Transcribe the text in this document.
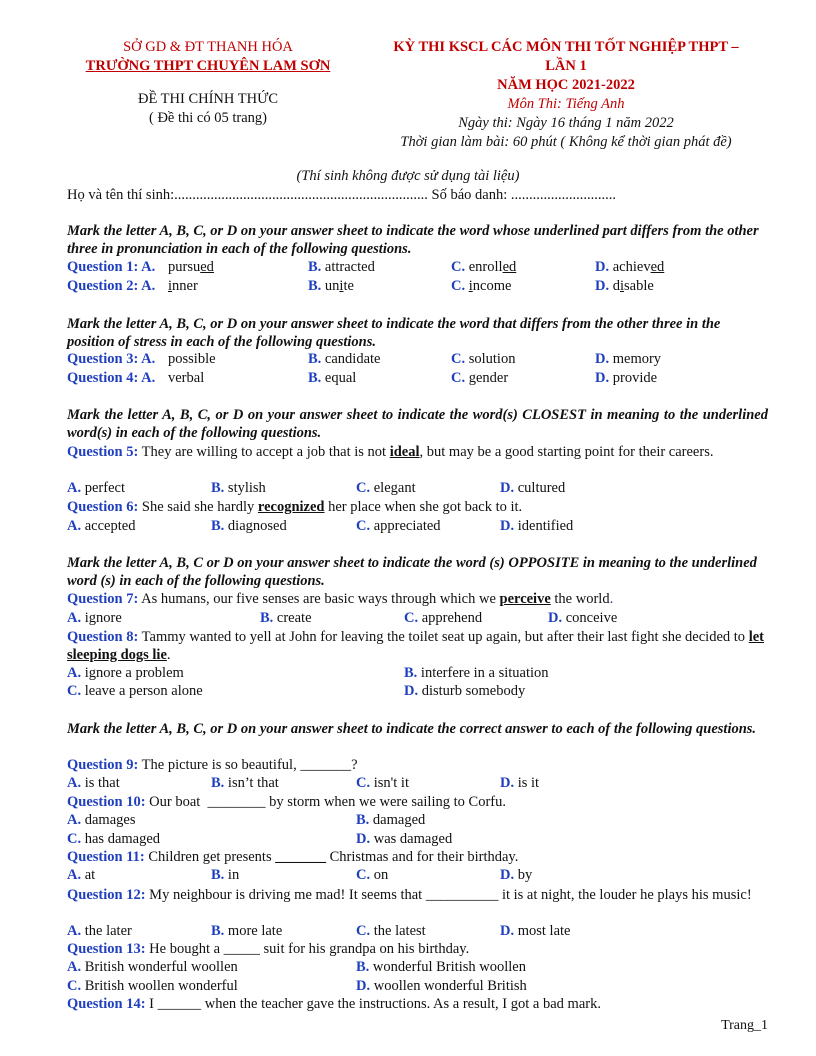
SỞ GD & ĐT THANH HÓA
TRƯỜNG THPT CHUYÊN LAM SƠN
ĐỀ THI CHÍNH THỨC
( Đề thi có 05 trang)
KỲ THI KSCL CÁC MÔN THI TỐT NGHIỆP THPT –
LẦN 1
NĂM HỌC 2021-2022
Môn Thi: Tiếng Anh
Ngày thi: Ngày 16 tháng 1 năm 2022
Thời gian làm bài: 60 phút ( Không kể thời gian phát đề)
(Thí sinh không được sử dụng tài liệu)
Họ và tên thí sinh:...................................................................... Số báo danh: .............................
Mark the letter A, B, C, or D on your answer sheet to indicate the word whose underlined part differs from the other three in pronunciation in each of the following questions.
Question 1: A. pursued	B. attracted	C. enrolled	D. achieved
Question 2: A. inner	B. unite	C. income	D. disable
Mark the letter A, B, C, or D on your answer sheet to indicate the word that differs from the other three in the position of stress in each of the following questions.
Question 3: A. possible	B. candidate	C. solution	D. memory
Question 4: A. verbal	B. equal	C. gender	D. provide
Mark the letter A, B, C, or D on your answer sheet to indicate the word(s) CLOSEST in meaning to the underlined word(s) in each of the following questions.
Question 5: They are willing to accept a job that is not ideal, but may be a good starting point for their careers.
A. perfect	B. stylish	C. elegant	D. cultured
Question 6: She said she hardly recognized her place when she got back to it.
A. accepted	B. diagnosed	C. appreciated	D. identified
Mark the letter A, B, C or D on your answer sheet to indicate the word (s) OPPOSITE in meaning to the underlined word (s) in each of the following questions.
Question 7: As humans, our five senses are basic ways through which we perceive the world.
A. ignore	B. create	C. apprehend	D. conceive
Question 8: Tammy wanted to yell at John for leaving the toilet seat up again, but after their last fight she decided to let sleeping dogs lie.
A. ignore a problem	B. interfere in a situation
C. leave a person alone	D. disturb somebody
Mark the letter A, B, C, or D on your answer sheet to indicate the correct answer to each of the following questions.
Question 9: The picture is so beautiful, _______?
A. is that	B. isn’t that	C. isn't it	D. is it
Question 10: Our boat  ________ by storm when we were sailing to Corfu.
A. damages	B. damaged
C. has damaged	D. was damaged
Question 11: Children get presents _______ Christmas and for their birthday.
A. at	B. in	C. on	D. by
Question 12: My neighbour is driving me mad! It seems that __________ it is at night, the louder he plays his music!
A. the later	B. more late	C. the latest	D. most late
Question 13: He bought a _____ suit for his grandpa on his birthday.
A. British wonderful woollen	B. wonderful British woollen
C. British woollen wonderful	D. woollen wonderful British
Question 14: I ______ when the teacher gave the instructions. As a result, I got a bad mark.
Trang_1
